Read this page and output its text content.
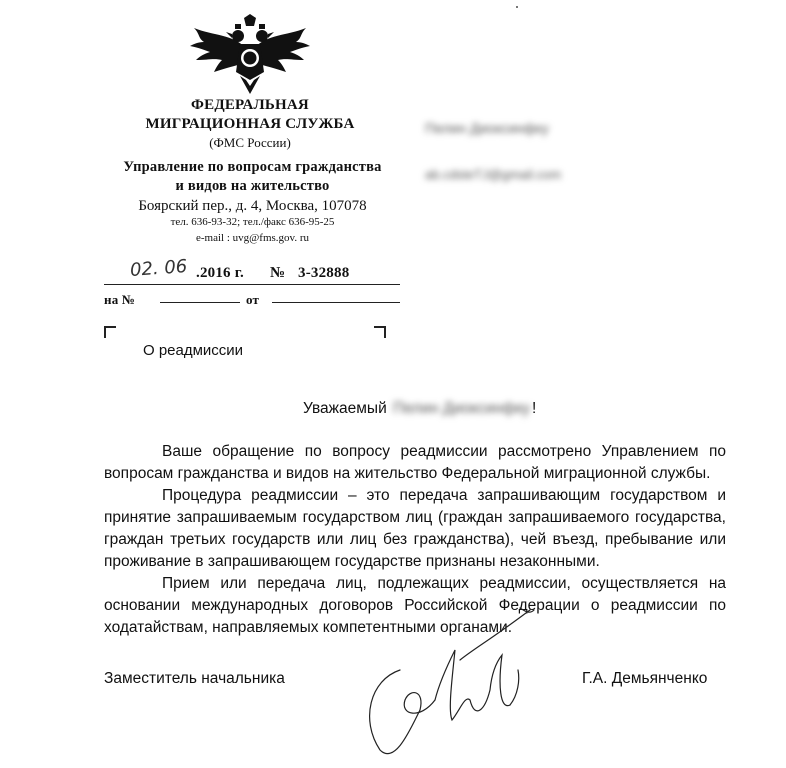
ФЕДЕРАЛЬНАЯ
МИГРАЦИОННАЯ СЛУЖБА
(ФМС России)
Управление по вопросам гражданства
и видов на жительство
Боярский пер., д. 4, Москва, 107078
тел. 636-93-32; тел./факс 636-95-25
e-mail : uvg@fms.gov. ru
Пелин Диоксинфку
ab.cdsteTJ@gmail.com
02. 06 .2016 г. № 3-32888
на №	от
О реадмиссии
Уважаемый Пелин Диоксинфку !

Ваше обращение по вопросу реадмиссии рассмотрено Управлением по вопросам гражданства и видов на жительство Федеральной миграционной службы.

Процедура реадмиссии – это передача запрашивающим государством и принятие запрашиваемым государством лиц (граждан запрашиваемого государства, граждан третьих государств или лиц без гражданства), чей въезд, пребывание или проживание в запрашивающем государстве признаны незаконными.

Прием или передача лиц, подлежащих реадмиссии, осуществляется на основании международных договоров Российской Федерации о реадмиссии по ходатайствам, направляемых компетентными органами.

Заместитель начальника	Г.А. Демьянченко
